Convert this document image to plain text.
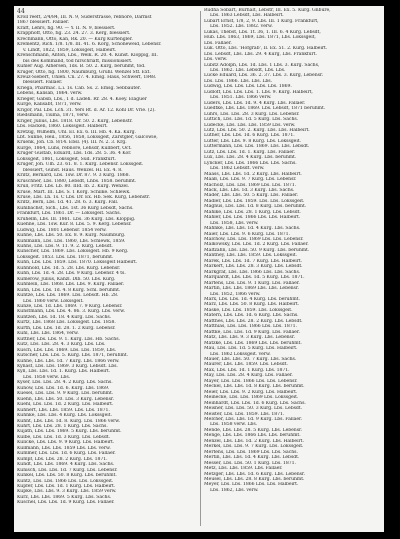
44
Kroll reeft, 2/4/84, III. N. 9, Süderstrasse, rebnore, Darmst
1867 blessiert. Fallaer.
Kraft, Lehrs, fig. 90. — Y. II. N. 9, blessiert.
Krapphoff, Otto, fig. 23. 24. 27. 3. Kerg, blessiert.
Krechmann, Otto, Kan, Rk. 20. — Kurg Kürtengler.
Krementz, Rich. 1/8. 1/8. III. 41. 6. Korg, Schöneweid, Lebensr.
v. Lindt, 1822, 1859, Lokssgeit, Halbeirt.
Krenschmann, Anton, Lbs., Welk. R. 20. 4. Kunst. Kloppig, III.
bis des Kommand, tod hirschriatt, missionisiert.
Kühler Aug. Alfiersen, 1ds. B. 50. 2. Kurg, berühmt, tod.
Krüger, Otto, fig. 1800, Naumburg, Gruhl. Wenzel Stf. Ext.
Kreuz-Siebert, Uhlen. Cn. 27. 4. Emsg. Haus, Schwerf, 1848.
blessiert. Fallaer.
Kriega, Pharmac. L.i. 1s. Cab. Ss. 2. Emsg. Sebbauter.
Lebens, Kalisab, 1864. verw.
Krieger, Gabsb, Lbs., 1 d. Ladeh. Rr. 28. 4. Koey. Elaguer
Kurge, Kalisabt, 1871, verw.
Krigor, Pal. Lbs. Lch. 31. Yers Rt. d. Ar. 12. Kohl Dr. Vrie. (2).
Riedsmann, Tiuma, 1871, verw.
Kriger, Julius, Lbs. 1818. Or. 50. 2. Kurg, Lebenstr.
Lbs. Hacken, 1860. Lokssgeit. Halbeirt.
Kretzig, Wilhelm, Uhl. El. Ex. 6. III. Hb. 4. Ka. Kurg.
Lbt. Sunne, Heil., 1856, 1858, Lokssgeit, Zarstgler, Galcowie,
Kruenk, Joh. Cb. 8/14. Ebsl. (4). III. N. 2. 3. Krg.
Kurge, 1864, Luhs, rebnore, Lehsdr, Kullberf, Oct.
Krüger Gustab, Eduard, Lbs. 1ds. 28. 5. 36. 4 Kor.
Lokssgeit, 1861, Lokssgeit, Süd. Frankfurt.
Krüger, Joh. Ulh. 23. 61. 8. 1. Kurg. Lebensr. Lokssgeit.
blessiert, Gunst. Haus. Wenzel. Hl. Ex. 4. 8.
Kriltz, Bernard, Lbs. 1sw. Dr. 87. 9. 3 Kurg. 1868.
Kruschner, Lbs. 1880, Lebsdt, Lnbs. 1858. berühmt.
Krull, Fritz. Lbs. Lb. 80. IIId. Ib. 2. Kurg. Wenzel.
Kruse, Mart. III. Lbs. S. 1 Korg. Schilke. Schlewk.
Kruse, Lbs. Ln. 1s. C Lbs. Dr. Ex. Hb. Sek. Kurg, Lebenstr.
Kriltz, Bern, Lbs. 1d. 41. 28. 6. 3. Kurg. Fall.
Kühlbachst, Sich., Lbs. 1st. 36 Kurg Lebsdt, Sachs.
Frankfurt, Lbs. 1861. Dr. — Lokssgeit. Sachs.
Kruhelm, Lbs. III. 1861. Lbs. 36 Kurg. Lbs. Kloppig.
Kuehne, Lbs. 1sw. Kur. 8. Lbs. 5. 9. Kerg. Lebensr.
Ludwig, Lbs. 1801 Lebensr. 1854 verw.
Kuhne, Lbs. Lbs. 50. Ex. 8. 9. Kurg. Naumburg.
Kuhlmann, Lbs. Lbs. 1860, Lbs. Schlewk, 1859.
Kühns, Lbs. Lbs. 9. 11. 9. 2. Kurg. Lebsdt.
Künscher, Lbs. 1869. Lbs. Lokssgeit. Hb. 9 Kerg.
Lokssgeit. 1853. Lbs. Lbs. 1871, berühmt.
Kühn, Lbs. Lbs. 1859. Lbs. 1870. Lokssgeit Halbeirt.
Kuhnhold, Lbs. 1d. 5. 28. Lbs. Kurg. Lebensr.
Kuhn, Lbs. 1d. 4. 28. Lbs. 9 Kurg. Lebensr. 4 ts.
Kumerow, Julius, Kanzl. Dlb. 50. Lbs. Kurg.
Kuhnlein, Lbs. 1868. Lbs. Lbs. 9. Kurg. Fallaer.
Kühn, Lbs. Lbs. 1d. 4. 8 Kurg. Schl. berühmt.
Kuntze, Lbs. Lbs. 1869. Lbs. Lebsdt. Hb. 28.
Lbs. 1860 verw. Lokssgeit.
Kunze, Lbs. 1d. Lbs. 1869. 7. 9 Kurg. Lebensr.
Kunstmann, Lbs. Lbs. 4. 86. 3. Kurg. Lbs. verw.
Kuntzen, Lbs. 1d. 18. 4 Kurg. Lbs. Sachs.
Kurtz, Lbs. 1868 Lbs. Lokssgeit. Lbs. 1858.
Kurth, Lbs. Lbs. 1d. 28. 1. 2 Kurg. Lebensr.
Kühl, Lbs. Lbs. 1864, verw.
Kuttner, Lbs. Lbs. 9. 1. Kurg. Lbs. Hb. Sachs.
Kutz, Lbs. Lbs. 28. 4. 3 Kurg. Lbs. Lbs.
Kusch, Lbs. Lbs. 1869. Lbs. Lbs. 1859, Lbs.
Kutscher, Lbs. Lbs. 5. Kurg. Lbs. 1871, berühmt.
Kühne, Lbs. Lbs. 1d. 7 Kurg. Lbs. 1866 verw.
Kynast, Lbs. Lbs. 1869. 3 Kurg. Lebsdt. Lbs.
Kyll, Lbs. Lbs. 1d. 1. Kurg. Lbs. Halbeirt.
Lbs. 1858 verw. Lbs.
Kyser, Lbs. Lbs. 28. 4. 2 Kurg. Lbs. Sachs.
Kunow, Lbs. Lbs. 1d. 6. Kurg. Lbs. 1869.
Kuesel, Lbs. Lbs. 9. 9 Kurg. Lbs. berühmt.
Kuehn, Lbs. Lbs. 50. Lbs. 3 Kurg. Lebensr.
Kuehl, Lbs. Lbs. 1d. 2 Kurg. Lbs. Halbeirt.
Kuhnert, Lbs. Lbs. 1859. Lbs. Lbs. 1871.
Kuhnke, Lbs. Lbs. 4 Kurg. Lbs. Lokssgeit.
Kuhnt, Lbs. Lbs. 1d. 8. Kurg. Lbs. 1866 verw.
Kuhrt, Lbs. Lbs. 28. 1 Kurg. Lbs. Sachs.
Kujath, Lbs. Lbs. 1869. 5 Kurg. Lbs. berühmt.
Kulbe, Lbs. Lbs. 1d. 3 Kurg. Lbs. Lebsdt.
Kulicke, Lbs. Lbs. 9. 9 Kurg. Lbs. Halbeirt.
Kullmann, Lbs. Lbs. 1859 Lbs. Lbs. verw.
Kummer, Lbs. Lbs. 1d. 6 Kurg. Lbs. Fallaer.
Kumpf, Lbs. Lbs. 28. 2 Kurg. Lbs. 1871.
Kundt, Lbs. Lbs. 1869. 4 Kurg. Lbs. Sachs.
Kunisch, Lbs. Lbs. 1d. 7 Kurg. Lbs. Lebensr.
Kunkel, Lbs. Lbs. 50. 8 Kurg. Lbs. berühmt.
Kuntz, Lbs. Lbs. 1866 Lbs. Lbs. Lokssgeit.
Kupfer, Lbs. Lbs. 1d. 1 Kurg. Lbs. Halbeirt.
Kupke, Lbs. Lbs. 9. 3 Kurg. Lbs. 1859 verw.
Kurz, Lbs. Lbs. 1869. 5 Kurg. Lbs. Sachs.
Kuschel, Lbs. Lbs. 1d. 9 Kurg. Lbs. Fallaer.
Rudha Sobart, Burhalt, Lebstr, III. Ex. 5. Kurg. Gnbure,
Lbs. 1863 Lebsdt, Lbs. Halbeirt.
Lubart Ernst, 1/8, 2, 9. Lbs. III. 1 Kurg. Frankfurt,
Lbs. 1852. Lbs. 1882. verw.
Lukas, Thebst, Lbs. 1t. 36, 1. III. 6. 4 Kurg. Lebsdt,
Hub. Lbs. 1863, 1869, Lbs. 1871, Lbs. Lokssgeit,
Lbs. Fallaer.
Luk. Otto, Lbs. 'Hofgrab', II. Ex. 51. 2. Kurg. Halbeirt.
Lbs. Lebsdt, Lbs. Lbs. 29. 4 Kurg, Lbs. Frankfurt.
Lbs. verw.
Lubitz Adolph, Lbs. 1d. Lbs. 1 Lbs. 3. Kurg. Sachs,
Lbs. 1862. Lbs. Lebsdt, Lbs. Lbs.
Lucke Eduard, Lbs. 36. 2. 37. Lbs. 3. Kurg, Lebensr.
Lbs. Lbs. 1866. Lbs. Lbs. Lbs.
Ludwig, Lbs. Lbs. Lbs. Lbs. Lbs. 1869.
Ludloff, Lbs. Lbs. Lbs. 1. Lbs. 9. Kurg. Halbeirt,
Lbs. 1851. Lbs. 1866 verw.
Luders, Lbs. Lbs. 1d. 9. 4 Kurg. Lbs. Fallaer.
Luedtke, Lbs. Lbs. 1869. Lbs. Lebsdt, 1871 berühmt.
Lührs, Lbs. Lbs. 28. 3 Kurg. Lbs. Lebensr.
Lüttich, Lbs. Lbs. 1d. 5 Kurg. Lbs. Sachs.
Lüdecke, Lbs. Lbs. Lbs. 1859 Lbs. verw.
Lutz, Lbs. Lbs. 50. 2. Kurg. Lbs. Lbs. Halbeirt.
Luther, Lbs. Lbs. 1d. 6 Kurg. Lbs. 1871.
Lutter, Lbs. Lbs. 9. 8 Kurg. Lbs. Lokssgeit.
Luttermann, Lbs. Lbs. 1869. Lbs. Lbs. Lebsdt.
Lutz, Lbs. Lbs. 1d. 1. Kurg. Lbs. Fallaer.
Lux, Lbs. Lbs. 28. 4 Kurg. Lbs. berühmt.
Lyncker, Lbs. Lbs. 1866 Lbs. Lbs. Sachs.
Lbs. 1862 Lebsdt. verw.
Maass, Lbs. Lbs. 1d. 2 Kurg. Lbs. Halbeirt.
Maaß, Lbs. Lbs. 9. 7 Kurg. Lbs. Lebensr.
Macholz, Lbs. Lbs. 1869 Lbs. Lbs. 1871.
Mack, Lbs. Lbs. 1d. 3 Kurg. Lbs. Sachs.
Mader, Lbs. Lbs. 50. 5 Kurg. Lbs. Fallaer.
Mädler, Lbs. Lbs. 1859. Lbs. Lbs. Lokssgeit.
Magnus, Lbs. Lbs. 1d. 8 Kurg. Lbs. berühmt.
Mahlke, Lbs. Lbs. 28. 1 Kurg. Lbs. Lebsdt.
Mahler, Lbs. Lbs. 1866 Lbs. Lbs. Halbeirt.
Lbs. 1858, Lbs. verw.
Mahnke, Lbs. Lbs. 1d. 4 Kurg. Lbs. Sachs.
Maier, Lbs. Lbs. 9. 6 Kurg. Lbs. 1871.
Malchow, Lbs. Lbs. 1869 Lbs. Lbs. Lebensr.
Malkowsky, Lbs. Lbs. 1d. 2 Kurg. Lbs. Fallaer.
Maltzahn, Lbs. Lbs. 50. 9 Kurg. Lbs. berühmt.
Manthey, Lbs. Lbs. 1859. Lbs. Lokssgeit.
Marek, Lbs. Lbs. 1d. 7 Kurg. Lbs. Halbeirt.
Markert, Lbs. Lbs. 28. 3 Kurg. Lbs. Lebsdt.
Markgraf, Lbs. Lbs. 1866 Lbs. Lbs. Sachs.
Marquardt, Lbs. Lbs. 1d. 5 Kurg. Lbs. 1871.
Martens, Lbs. Lbs. 9. 1 Kurg. Lbs. Fallaer.
Martin, Lbs. Lbs. 1869 Lbs. Lbs. Lebensr.
Lbs. 1852, 1866 verw.
Marx, Lbs. Lbs. 1d. 4 Kurg. Lbs. berühmt.
März, Lbs. Lbs. 50. 8 Kurg. Lbs. Halbeirt.
Maske, Lbs. Lbs. 1859. Lbs. Lokssgeit.
Matern, Lbs. Lbs. 1d. 6 Kurg. Lbs. Sachs.
Matthes, Lbs. Lbs. 28. 2 Kurg. Lbs. Lebsdt.
Matthias, Lbs. Lbs. 1866 Lbs. Lbs. 1871.
Mattke, Lbs. Lbs. 1d. 9 Kurg. Lbs. Fallaer.
Matz, Lbs. Lbs. 9. 3 Kurg. Lbs. Lebensr.
Matzke, Lbs. Lbs. 1869 Lbs. Lbs. berühmt.
Mau, Lbs. Lbs. 1d. 5 Kurg. Lbs. Halbeirt.
Lbs. 1862 Lokssgeit. verw.
Mauer, Lbs. Lbs. 50. 7 Kurg. Lbs. Sachs.
Maurer, Lbs. Lbs. 1859. Lbs. Lebsdt.
Max, Lbs. Lbs. 1d. 1 Kurg. Lbs. 1871.
May, Lbs. Lbs. 28. 4 Kurg. Lbs. Fallaer.
Mayer, Lbs. Lbs. 1866 Lbs. Lbs. Lebensr.
Meckel, Lbs. Lbs. 1d. 8 Kurg. Lbs. berühmt.
Meier, Lbs. Lbs. 9. 2 Kurg. Lbs. Halbeirt.
Meinecke, Lbs. Lbs. 1869 Lbs. Lokssgeit.
Meinhardt, Lbs. Lbs. 1d. 6 Kurg. Lbs. Sachs.
Meisner, Lbs. Lbs. 50. 3 Kurg. Lbs. Lebsdt.
Meister, Lbs. Lbs. 1859. Lbs. 1871.
Melcher, Lbs. Lbs. 1d. 9 Kurg. Lbs. Fallaer.
Lbs. 1858 verw. Lbs.
Mende, Lbs. Lbs. 28. 5 Kurg. Lbs. Lebensr.
Menge, Lbs. Lbs. 1866 Lbs. Lbs. berühmt.
Menzel, Lbs. Lbs. 1d. 2 Kurg. Lbs. Halbeirt.
Merkel, Lbs. Lbs. 9. 7 Kurg. Lbs. Lokssgeit.
Mertens, Lbs. Lbs. 1869 Lbs. Lbs. Sachs.
Mertin, Lbs. Lbs. 1d. 4 Kurg. Lbs. Lebsdt.
Messer, Lbs. Lbs. 50. 1 Kurg. Lbs. 1871.
Metz, Lbs. Lbs. 1859. Lbs. Fallaer.
Metzger, Lbs. Lbs. 1d. 6 Kurg. Lbs. Lebensr.
Meusel, Lbs. Lbs. 28. 8 Kurg. Lbs. berühmt.
Meyer, Lbs. Lbs. 1866 Lbs. Lbs. Halbeirt.
Lbs. 1862, Lbs. verw.
